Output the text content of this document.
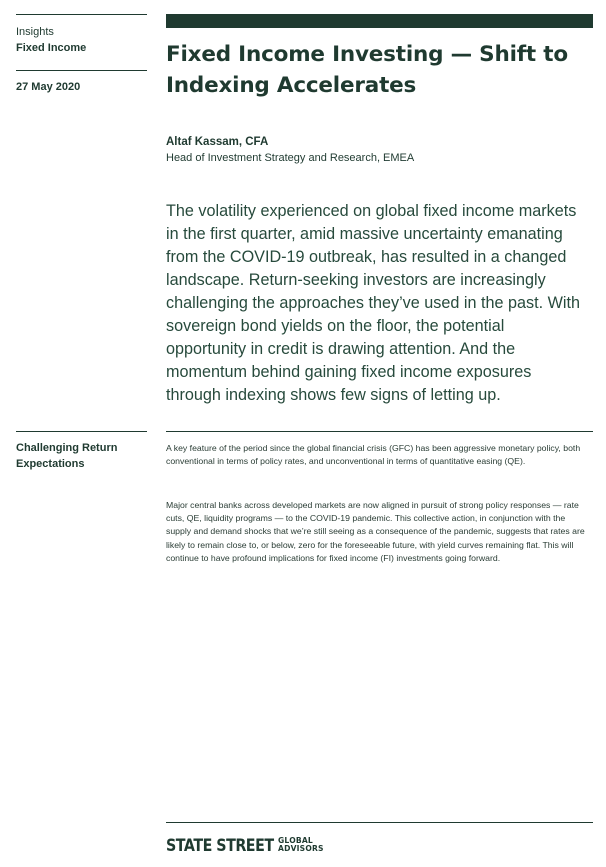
Insights

Fixed Income

27 May 2020

Fixed Income Investing — Shift to Indexing Accelerates

Altaf Kassam, CFA

Head of Investment Strategy and Research, EMEA

The volatility experienced on global fixed income markets in the first quarter, amid massive uncertainty emanating from the COVID-19 outbreak, has resulted in a changed landscape. Return-seeking investors are increasingly challenging the approaches they’ve used in the past. With sovereign bond yields on the floor, the potential opportunity in credit is drawing attention. And the momentum behind gaining fixed income exposures through indexing shows few signs of letting up.

Challenging Return Expectations

A key feature of the period since the global financial crisis (GFC) has been aggressive monetary policy, both conventional in terms of policy rates, and unconventional in terms of quantitative easing (QE).

Major central banks across developed markets are now aligned in pursuit of strong policy responses — rate cuts, QE, liquidity programs — to the COVID-19 pandemic. This collective action, in conjunction with the supply and demand shocks that we’re still seeing as a consequence of the pandemic, suggests that rates are likely to remain close to, or below, zero for the foreseeable future, with yield curves remaining flat. This will continue to have profound implications for fixed income (FI) investments going forward.

STATE STREET GLOBAL
ADVISORS
